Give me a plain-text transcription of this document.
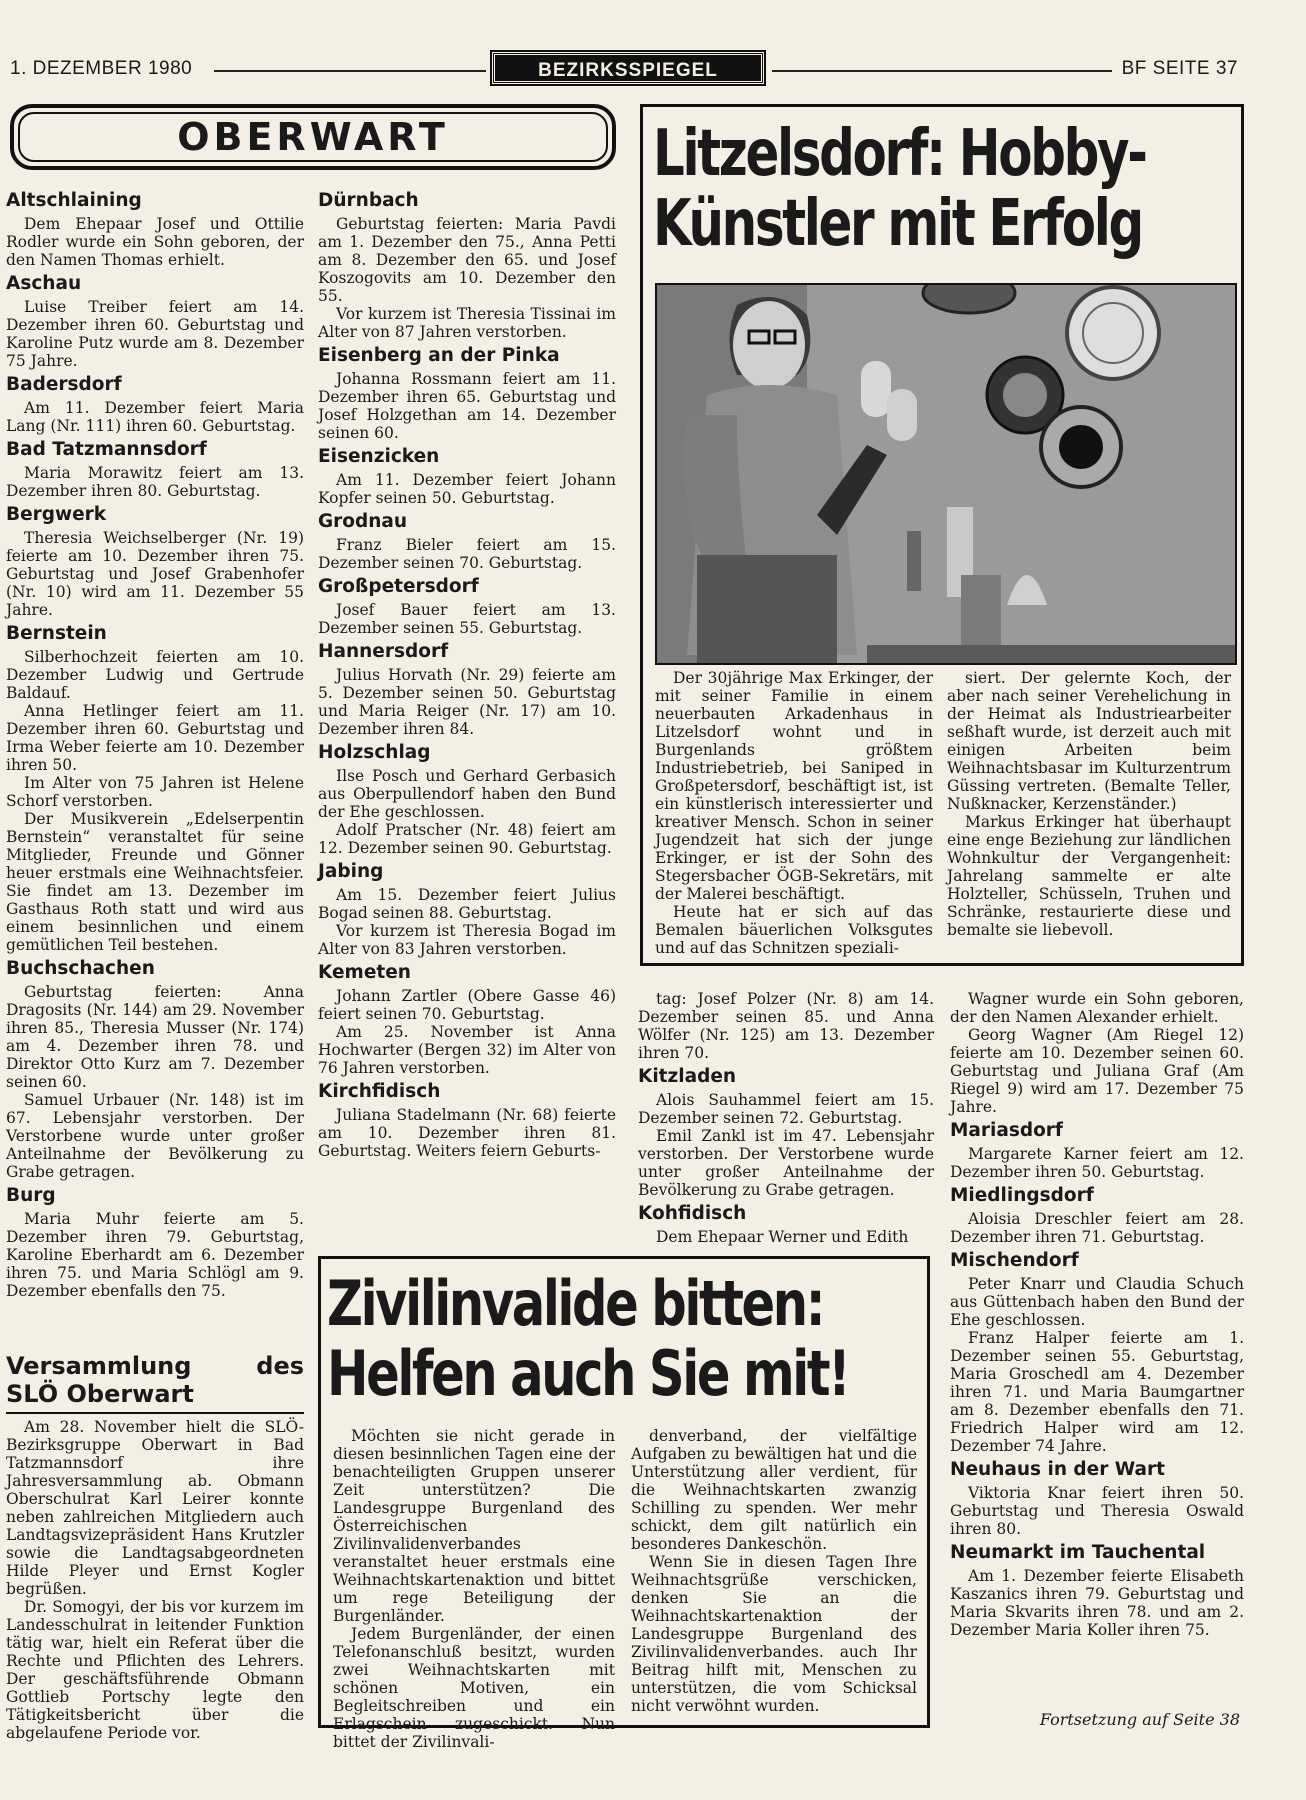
1. DEZEMBER 1980	BEZIRKSSPIEGEL	BF SEITE 37
OBERWART
Altschlaining

Dem Ehepaar Josef und Ottilie Rodler wurde ein Sohn geboren, der den Namen Thomas erhielt.

Aschau

Luise Treiber feiert am 14. Dezember ihren 60. Geburtstag und Karoline Putz wurde am 8. Dezember 75 Jahre.

Badersdorf

Am 11. Dezember feiert Maria Lang (Nr. 111) ihren 60. Geburtstag.

Bad Tatzmannsdorf

Maria Morawitz feiert am 13. Dezember ihren 80. Geburtstag.

Bergwerk

Theresia Weichselberger (Nr. 19) feierte am 10. Dezember ihren 75. Geburtstag und Josef Grabenhofer (Nr. 10) wird am 11. Dezember 55 Jahre.

Bernstein

Silberhochzeit feierten am 10. Dezember Ludwig und Gertrude Baldauf.

Anna Hetlinger feiert am 11. Dezember ihren 60. Geburtstag und Irma Weber feierte am 10. Dezember ihren 50.

Im Alter von 75 Jahren ist Helene Schorf verstorben.

Der Musikverein „Edelserpentin Bernstein“ veranstaltet für seine Mitglieder, Freunde und Gönner heuer erstmals eine Weihnachtsfeier. Sie findet am 13. Dezember im Gasthaus Roth statt und wird aus einem besinnlichen und einem gemütlichen Teil bestehen.

Buchschachen

Geburtstag feierten: Anna Dragosits (Nr. 144) am 29. November ihren 85., Theresia Musser (Nr. 174) am 4. Dezember ihren 78. und Direktor Otto Kurz am 7. Dezember seinen 60.

Samuel Urbauer (Nr. 148) ist im 67. Lebensjahr verstorben. Der Verstorbene wurde unter großer Anteilnahme der Bevölkerung zu Grabe getragen.

Burg

Maria Muhr feierte am 5. Dezember ihren 79. Geburtstag, Karoline Eberhardt am 6. Dezember ihren 75. und Maria Schlögl am 9. Dezember ebenfalls den 75.

Versammlung des SLÖ Oberwart

Am 28. November hielt die SLÖ-Bezirksgruppe Oberwart in Bad Tatzmannsdorf ihre Jahresversammlung ab. Obmann Oberschulrat Karl Leirer konnte neben zahlreichen Mitgliedern auch Landtagsvizepräsident Hans Krutzler sowie die Landtagsabgeordneten Hilde Pleyer und Ernst Kogler begrüßen.

Dr. Somogyi, der bis vor kurzem im Landesschulrat in leitender Funktion tätig war, hielt ein Referat über die Rechte und Pflichten des Lehrers. Der geschäftsführende Obmann Gottlieb Portschy legte den Tätigkeitsbericht über die abgelaufene Periode vor.

Dürnbach

Geburtstag feierten: Maria Pavdi am 1. Dezember den 75., Anna Petti am 8. Dezember den 65. und Josef Koszogovits am 10. Dezember den 55.

Vor kurzem ist Theresia Tissinai im Alter von 87 Jahren verstorben.

Eisenberg an der Pinka

Johanna Rossmann feiert am 11. Dezember ihren 65. Geburtstag und Josef Holzgethan am 14. Dezember seinen 60.

Eisenzicken

Am 11. Dezember feiert Johann Kopfer seinen 50. Geburtstag.

Grodnau

Franz Bieler feiert am 15. Dezember seinen 70. Geburtstag.

Großpetersdorf

Josef Bauer feiert am 13. Dezember seinen 55. Geburtstag.

Hannersdorf

Julius Horvath (Nr. 29) feierte am 5. Dezember seinen 50. Geburtstag und Maria Reiger (Nr. 17) am 10. Dezember ihren 84.

Holzschlag

Ilse Posch und Gerhard Gerbasich aus Oberpullendorf haben den Bund der Ehe geschlossen.

Adolf Pratscher (Nr. 48) feiert am 12. Dezember seinen 90. Geburtstag.

Jabing

Am 15. Dezember feiert Julius Bogad seinen 88. Geburtstag.

Vor kurzem ist Theresia Bogad im Alter von 83 Jahren verstorben.

Kemeten

Johann Zartler (Obere Gasse 46) feiert seinen 70. Geburtstag.

Am 25. November ist Anna Hochwarter (Bergen 32) im Alter von 76 Jahren verstorben.

Kirchfidisch

Juliana Stadelmann (Nr. 68) feierte am 10. Dezember ihren 81. Geburtstag. Weiters feiern Geburts-

Litzelsdorf: Hobby-Künstler mit Erfolg

Der 30jährige Max Erkinger, der mit seiner Familie in einem neuerbauten Arkadenhaus in Litzelsdorf wohnt und in Burgenlands größtem Industriebetrieb, bei Saniped in Großpetersdorf, beschäftigt ist, ist ein künstlerisch interessierter und kreativer Mensch. Schon in seiner Jugendzeit hat sich der junge Erkinger, er ist der Sohn des Stegersbacher ÖGB-Sekretärs, mit der Malerei beschäftigt.

Heute hat er sich auf das Bemalen bäuerlichen Volksgutes und auf das Schnitzen speziali-

siert. Der gelernte Koch, der aber nach seiner Verehelichung in der Heimat als Industriearbeiter seßhaft wurde, ist derzeit auch mit einigen Arbeiten beim Weihnachtsbasar im Kulturzentrum Güssing vertreten. (Bemalte Teller, Nußknacker, Kerzenständer.)

Markus Erkinger hat überhaupt eine enge Beziehung zur ländlichen Wohnkultur der Vergangenheit: Jahrelang sammelte er alte Holzteller, Schüsseln, Truhen und Schränke, restaurierte diese und bemalte sie liebevoll.

tag: Josef Polzer (Nr. 8) am 14. Dezember seinen 85. und Anna Wölfer (Nr. 125) am 13. Dezember ihren 70.

Kitzladen

Alois Sauhammel feiert am 15. Dezember seinen 72. Geburtstag.

Emil Zankl ist im 47. Lebensjahr verstorben. Der Verstorbene wurde unter großer Anteilnahme der Bevölkerung zu Grabe getragen.

Kohfidisch

Dem Ehepaar Werner und Edith

Wagner wurde ein Sohn geboren, der den Namen Alexander erhielt.

Georg Wagner (Am Riegel 12) feierte am 10. Dezember seinen 60. Geburtstag und Juliana Graf (Am Riegel 9) wird am 17. Dezember 75 Jahre.

Mariasdorf

Margarete Karner feiert am 12. Dezember ihren 50. Geburtstag.

Miedlingsdorf

Aloisia Dreschler feiert am 28. Dezember ihren 71. Geburtstag.

Mischendorf

Peter Knarr und Claudia Schuch aus Güttenbach haben den Bund der Ehe geschlossen.

Franz Halper feierte am 1. Dezember seinen 55. Geburtstag, Maria Groschedl am 4. Dezember ihren 71. und Maria Baumgartner am 8. Dezember ebenfalls den 71. Friedrich Halper wird am 12. Dezember 74 Jahre.

Neuhaus in der Wart

Viktoria Knar feiert ihren 50. Geburtstag und Theresia Oswald ihren 80.

Neumarkt im Tauchental

Am 1. Dezember feierte Elisabeth Kaszanics ihren 79. Geburtstag und Maria Skvarits ihren 78. und am 2. Dezember Maria Koller ihren 75.

Zivilinvalide bitten: Helfen auch Sie mit!

Möchten sie nicht gerade in diesen besinnlichen Tagen eine der benachteiligten Gruppen unserer Zeit unterstützen? Die Landesgruppe Burgenland des Österreichischen Zivilinvalidenverbandes veranstaltet heuer erstmals eine Weihnachtskartenaktion und bittet um rege Beteiligung der Burgenländer.

Jedem Burgenländer, der einen Telefonanschluß besitzt, wurden zwei Weihnachtskarten mit schönen Motiven, ein Begleitschreiben und ein Erlagschein zugeschickt. Nun bittet der Zivilinvali-

denverband, der vielfältige Aufgaben zu bewältigen hat und die Unterstützung aller verdient, für die Weihnachtskarten zwanzig Schilling zu spenden. Wer mehr schickt, dem gilt natürlich ein besonderes Dankeschön.

Wenn Sie in diesen Tagen Ihre Weihnachtsgrüße verschicken, denken Sie an die Weihnachtskartenaktion der Landesgruppe Burgenland des Zivilinvalidenverbandes. auch Ihr Beitrag hilft mit, Menschen zu unterstützen, die vom Schicksal nicht verwöhnt wurden.

Fortsetzung auf Seite 38
